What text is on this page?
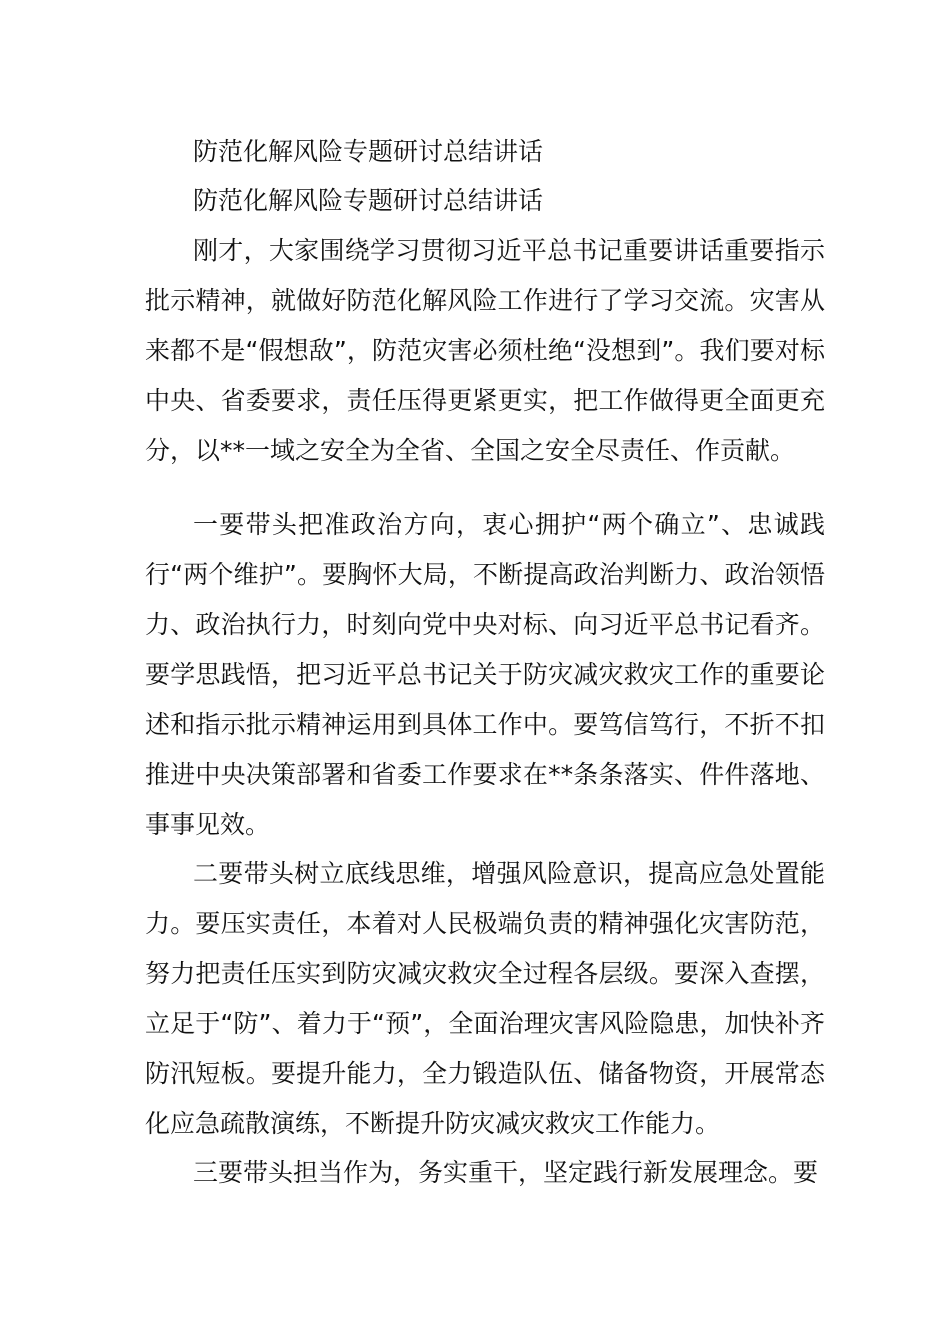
防范化解风险专题研讨总结讲话
防范化解风险专题研讨总结讲话

刚才，大家围绕学习贯彻习近平总书记重要讲话重要指示批示精神，就做好防范化解风险工作进行了学习交流。灾害从来都不是“假想敌”，防范灾害必须杜绝“没想到”。我们要对标中央、省委要求，责任压得更紧更实，把工作做得更全面更充分，以**一域之安全为全省、全国之安全尽责任、作贡献。

一要带头把准政治方向，衷心拥护“两个确立”、忠诚践行“两个维护”。要胸怀大局，不断提高政治判断力、政治领悟力、政治执行力，时刻向党中央对标、向习近平总书记看齐。要学思践悟，把习近平总书记关于防灾减灾救灾工作的重要论述和指示批示精神运用到具体工作中。要笃信笃行，不折不扣推进中央决策部署和省委工作要求在**条条落实、件件落地、事事见效。

二要带头树立底线思维，增强风险意识，提高应急处置能力。要压实责任，本着对人民极端负责的精神强化灾害防范，努力把责任压实到防灾减灾救灾全过程各层级。要深入查摆，立足于“防”、着力于“预”，全面治理灾害风险隐患，加快补齐防汛短板。要提升能力，全力锻造队伍、储备物资，开展常态化应急疏散演练，不断提升防灾减灾救灾工作能力。

三要带头担当作为，务实重干，坚定践行新发展理念。要
